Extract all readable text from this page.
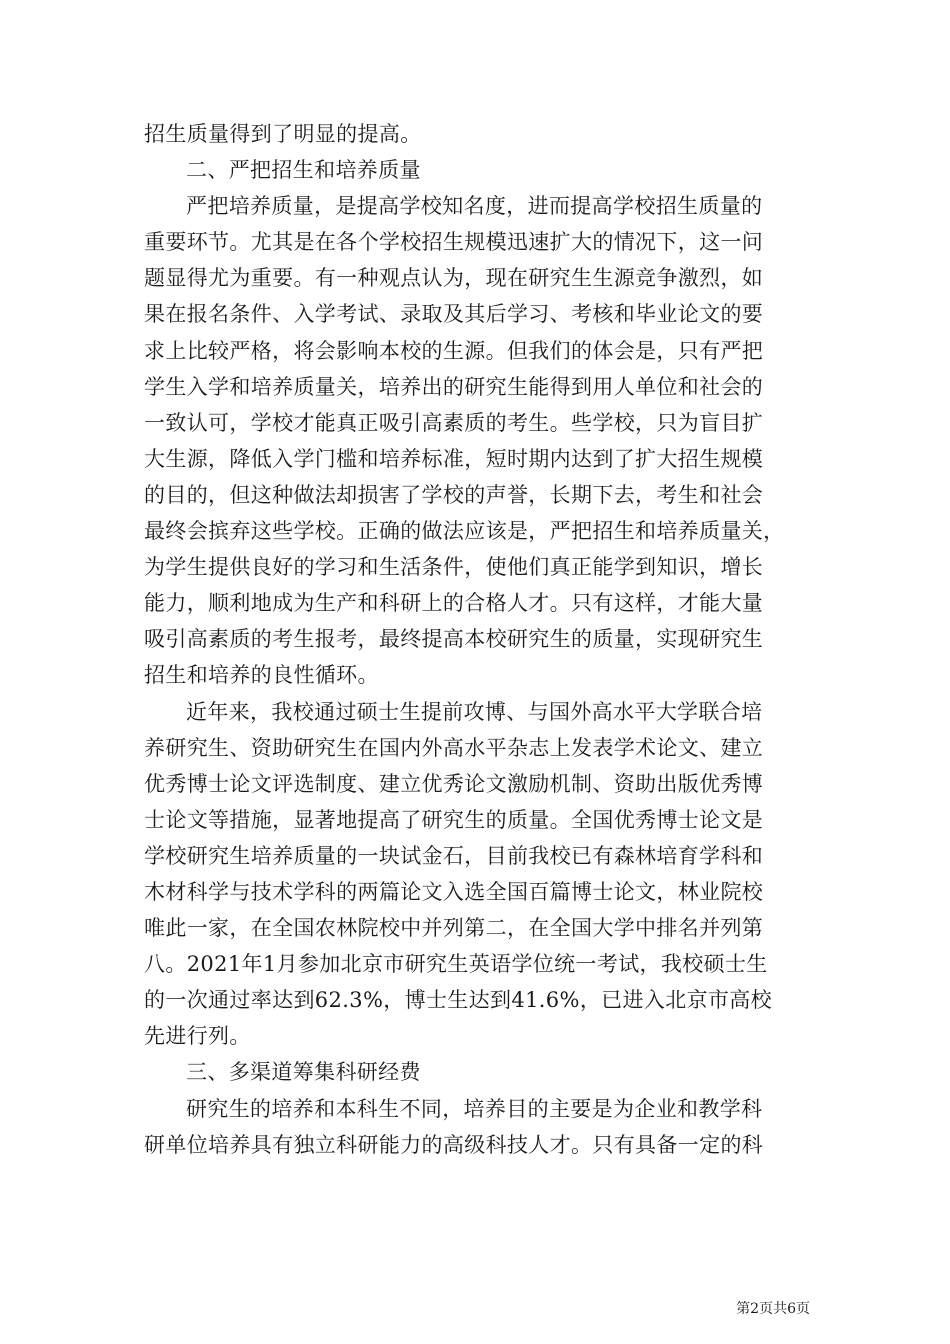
招生质量得到了明显的提高。
二、严把招生和培养质量
严把培养质量，是提高学校知名度，进而提高学校招生质量的
重要环节。尤其是在各个学校招生规模迅速扩大的情况下，这一问
题显得尤为重要。有一种观点认为，现在研究生生源竞争激烈，如
果在报名条件、入学考试、录取及其后学习、考核和毕业论文的要
求上比较严格，将会影响本校的生源。但我们的体会是，只有严把
学生入学和培养质量关，培养出的研究生能得到用人单位和社会的
一致认可，学校才能真正吸引高素质的考生。些学校，只为盲目扩
大生源，降低入学门槛和培养标准，短时期内达到了扩大招生规模
的目的，但这种做法却损害了学校的声誉，长期下去，考生和社会
最终会摈弃这些学校。正确的做法应该是，严把招生和培养质量关，
为学生提供良好的学习和生活条件，使他们真正能学到知识，增长
能力，顺利地成为生产和科研上的合格人才。只有这样，才能大量
吸引高素质的考生报考，最终提高本校研究生的质量，实现研究生
招生和培养的良性循环。
近年来，我校通过硕士生提前攻博、与国外高水平大学联合培
养研究生、资助研究生在国内外高水平杂志上发表学术论文、建立
优秀博士论文评选制度、建立优秀论文激励机制、资助出版优秀博
士论文等措施，显著地提高了研究生的质量。全国优秀博士论文是
学校研究生培养质量的一块试金石，目前我校已有森林培育学科和
木材科学与技术学科的两篇论文入选全国百篇博士论文，林业院校
唯此一家，在全国农林院校中并列第二，在全国大学中排名并列第
八。2021年1月参加北京市研究生英语学位统一考试，我校硕士生
的一次通过率达到62.3%，博士生达到41.6%，已进入北京市高校
先进行列。
三、多渠道筹集科研经费
研究生的培养和本科生不同，培养目的主要是为企业和教学科
研单位培养具有独立科研能力的高级科技人才。只有具备一定的科
第2页共6页
